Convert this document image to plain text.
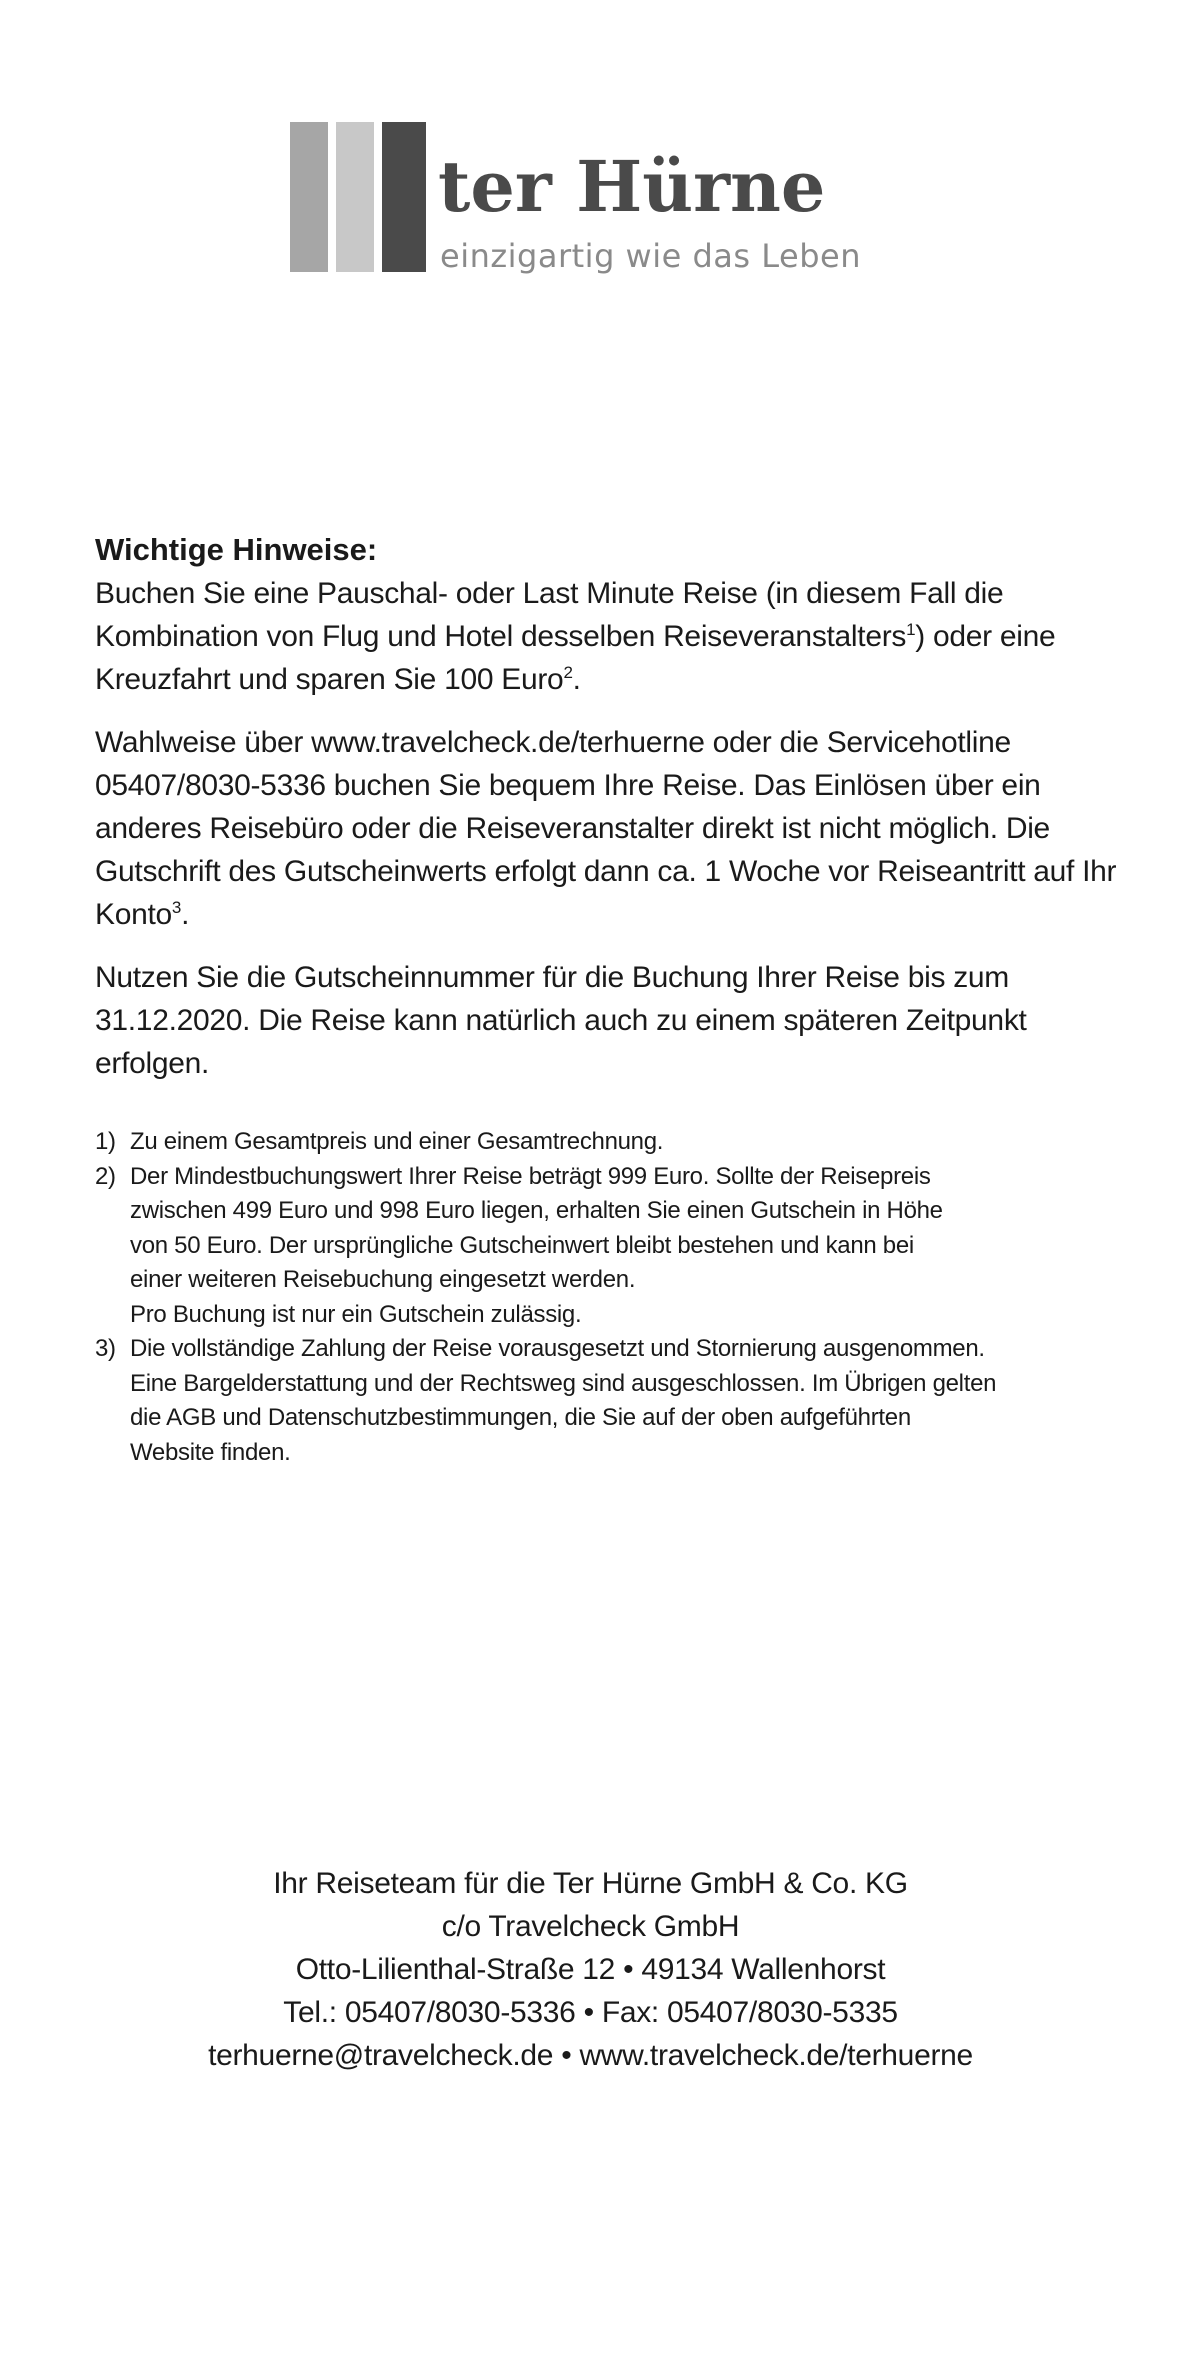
ter Hürne
einzigartig wie das Leben

Wichtige Hinweise:

Buchen Sie eine Pauschal- oder Last Minute Reise (in diesem Fall die Kombination von Flug und Hotel desselben Reiseveranstalters$^1$) oder eine Kreuzfahrt und sparen Sie 100 Euro$^2$.

Wahlweise über www.travelcheck.de/terhuerne oder die Servicehotline 05407/8030-5336 buchen Sie bequem Ihre Reise. Das Einlösen über ein anderes Reisebüro oder die Reiseveranstalter direkt ist nicht möglich. Die Gutschrift des Gutscheinwerts erfolgt dann ca. 1 Woche vor Reiseantritt auf Ihr Konto$^3$.

Nutzen Sie die Gutscheinnummer für die Buchung Ihrer Reise bis zum 31.12.2020. Die Reise kann natürlich auch zu einem späteren Zeitpunkt erfolgen.

1) Zu einem Gesamtpreis und einer Gesamtrechnung.
2) Der Mindestbuchungswert Ihrer Reise beträgt 999 Euro. Sollte der Reisepreis
zwischen 499 Euro und 998 Euro liegen, erhalten Sie einen Gutschein in Höhe
von 50 Euro. Der ursprüngliche Gutscheinwert bleibt bestehen und kann bei
einer weiteren Reisebuchung eingesetzt werden.
Pro Buchung ist nur ein Gutschein zulässig.
3) Die vollständige Zahlung der Reise vorausgesetzt und Stornierung ausgenommen.
Eine Bargelderstattung und der Rechtsweg sind ausgeschlossen. Im Übrigen gelten
die AGB und Datenschutzbestimmungen, die Sie auf der oben aufgeführten
Website finden.
Ihr Reiseteam für die Ter Hürne GmbH & Co. KG
c/o Travelcheck GmbH
Otto-Lilienthal-Straße 12 • 49134 Wallenhorst
Tel.: 05407/8030-5336 • Fax: 05407/8030-5335
terhuerne@travelcheck.de • www.travelcheck.de/terhuerne
